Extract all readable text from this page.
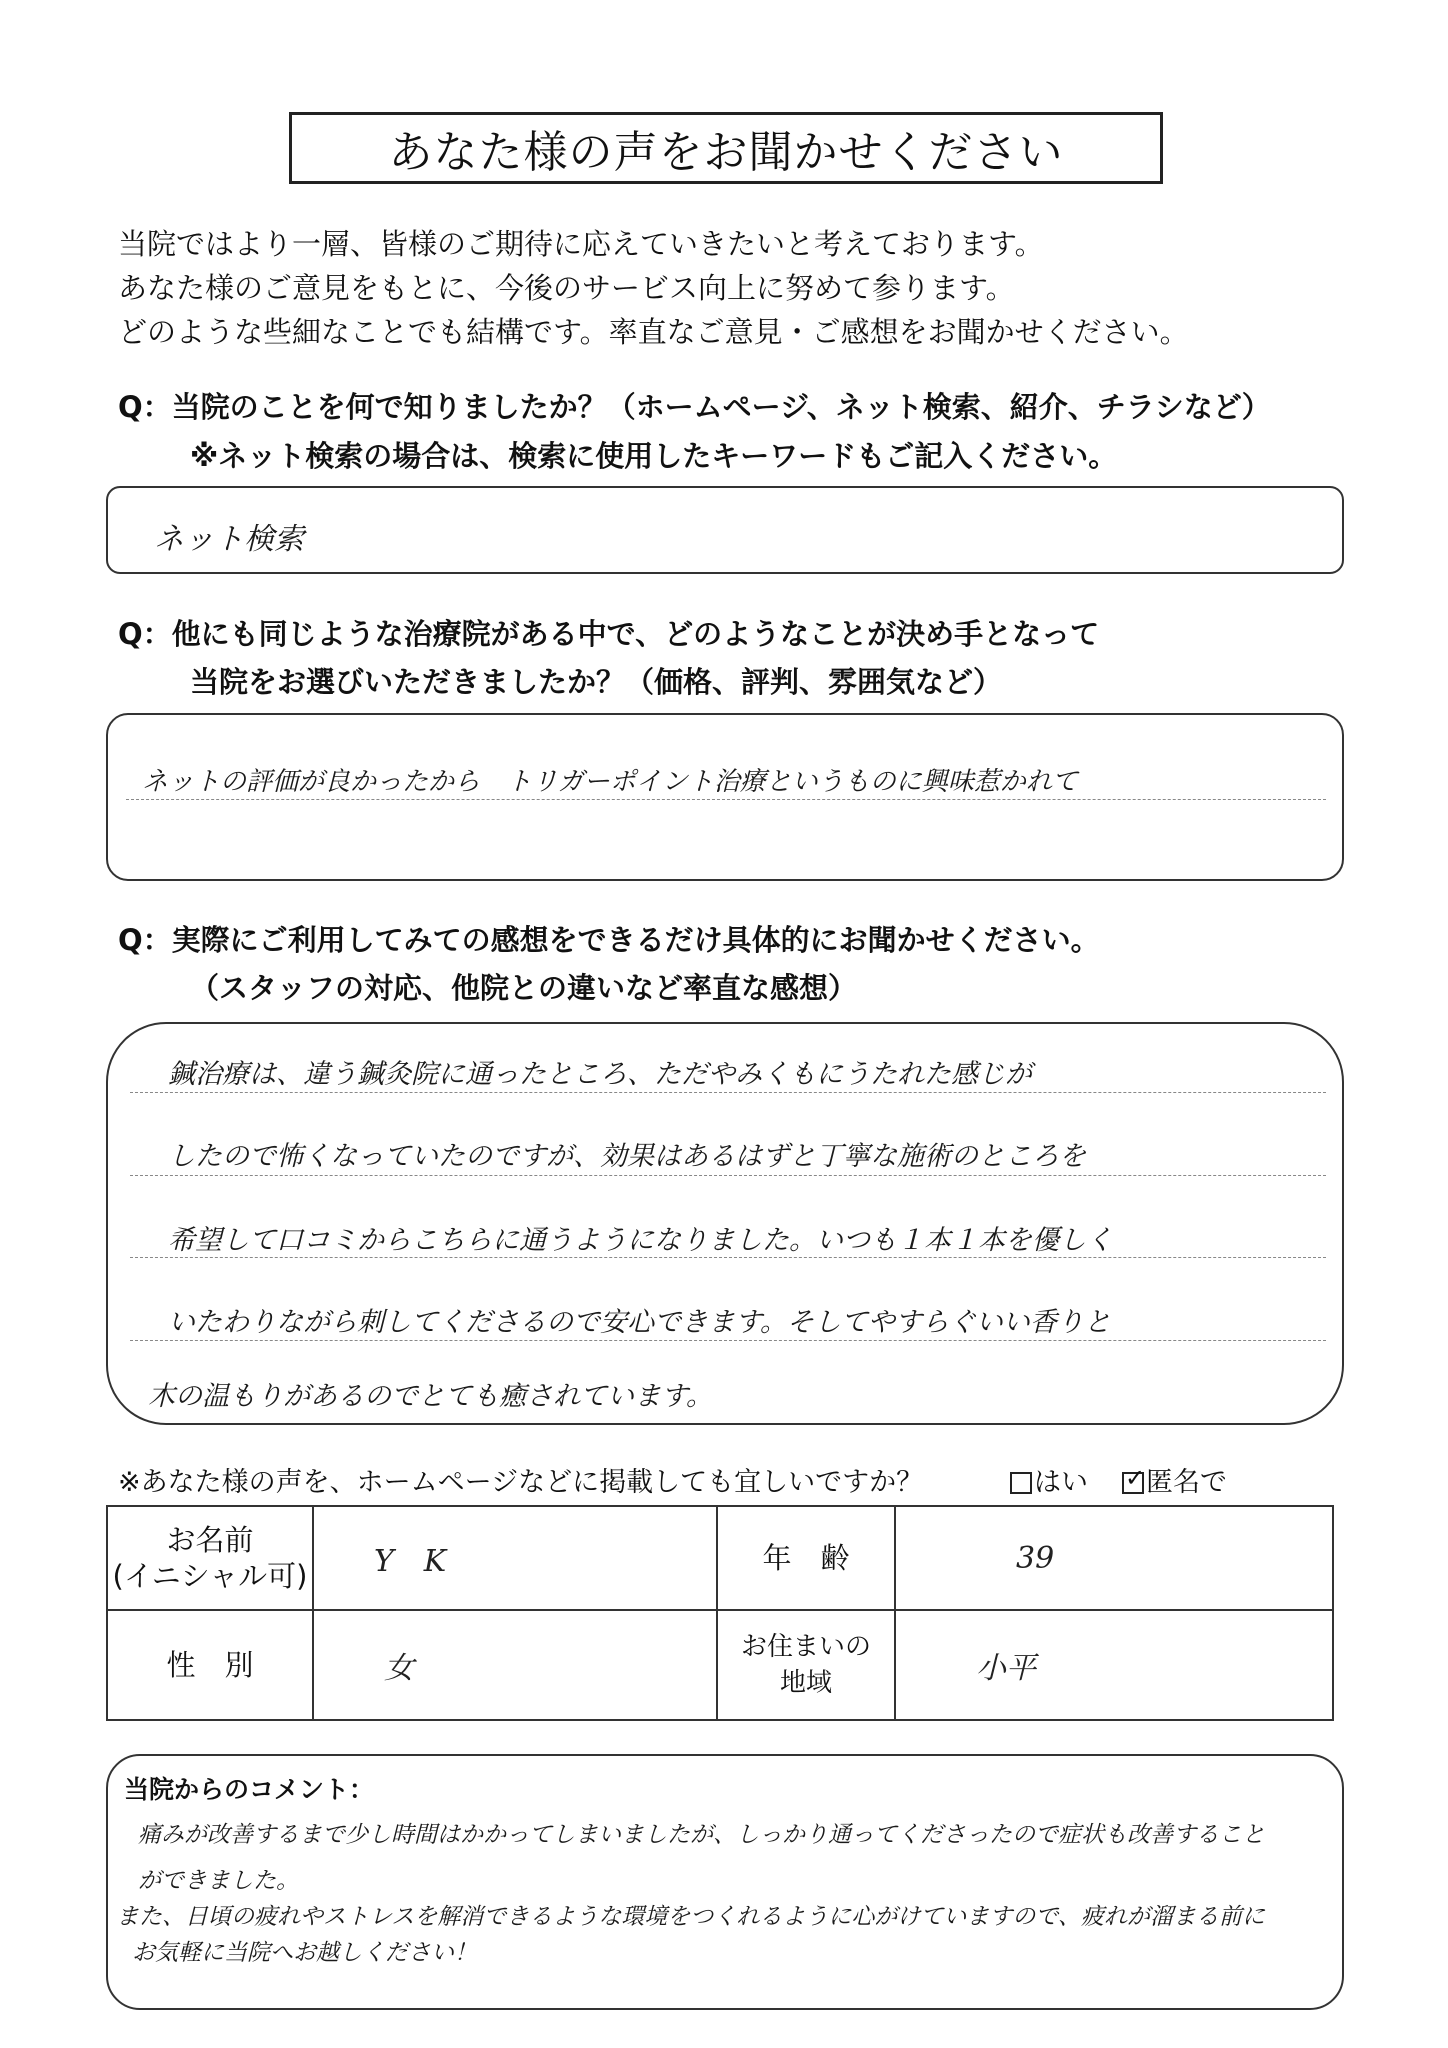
あなた様の声をお聞かせください
当院ではより一層、皆様のご期待に応えていきたいと考えております。
あなた様のご意見をもとに、今後のサービス向上に努めて参ります。
どのような些細なことでも結構です。率直なご意見・ご感想をお聞かせください。
Q：当院のことを何で知りましたか？（ホームページ、ネット検索、紹介、チラシなど）
※ネット検索の場合は、検索に使用したキーワードもご記入ください。
ネット検索
Q：他にも同じような治療院がある中で、どのようなことが決め手となって
当院をお選びいただきましたか？（価格、評判、雰囲気など）
ネットの評価が良かったから　トリガーポイント治療というものに興味惹かれて
Q：実際にご利用してみての感想をできるだけ具体的にお聞かせください。
（スタッフの対応、他院との違いなど率直な感想）
鍼治療は、違う鍼灸院に通ったところ、ただやみくもにうたれた感じが
したので怖くなっていたのですが、効果はあるはずと丁寧な施術のところを
希望して口コミからこちらに通うようになりました。いつも１本１本を優しく
いたわりながら刺してくださるので安心できます。そしてやすらぐいい香りと
木の温もりがあるのでとても癒されています。
※あなた様の声を、ホームページなどに掲載しても宜しいですか？	はい ✓ 匿名で
お名前
(イニシャル可)	Y　K	年　齢	39
性　別	女	お住まいの
地域	小平
当院からのコメント：
痛みが改善するまで少し時間はかかってしまいましたが、しっかり通ってくださったので症状も改善すること
ができました。
また、日頃の疲れやストレスを解消できるような環境をつくれるように心がけていますので、疲れが溜まる前に
お気軽に当院へお越しください！
